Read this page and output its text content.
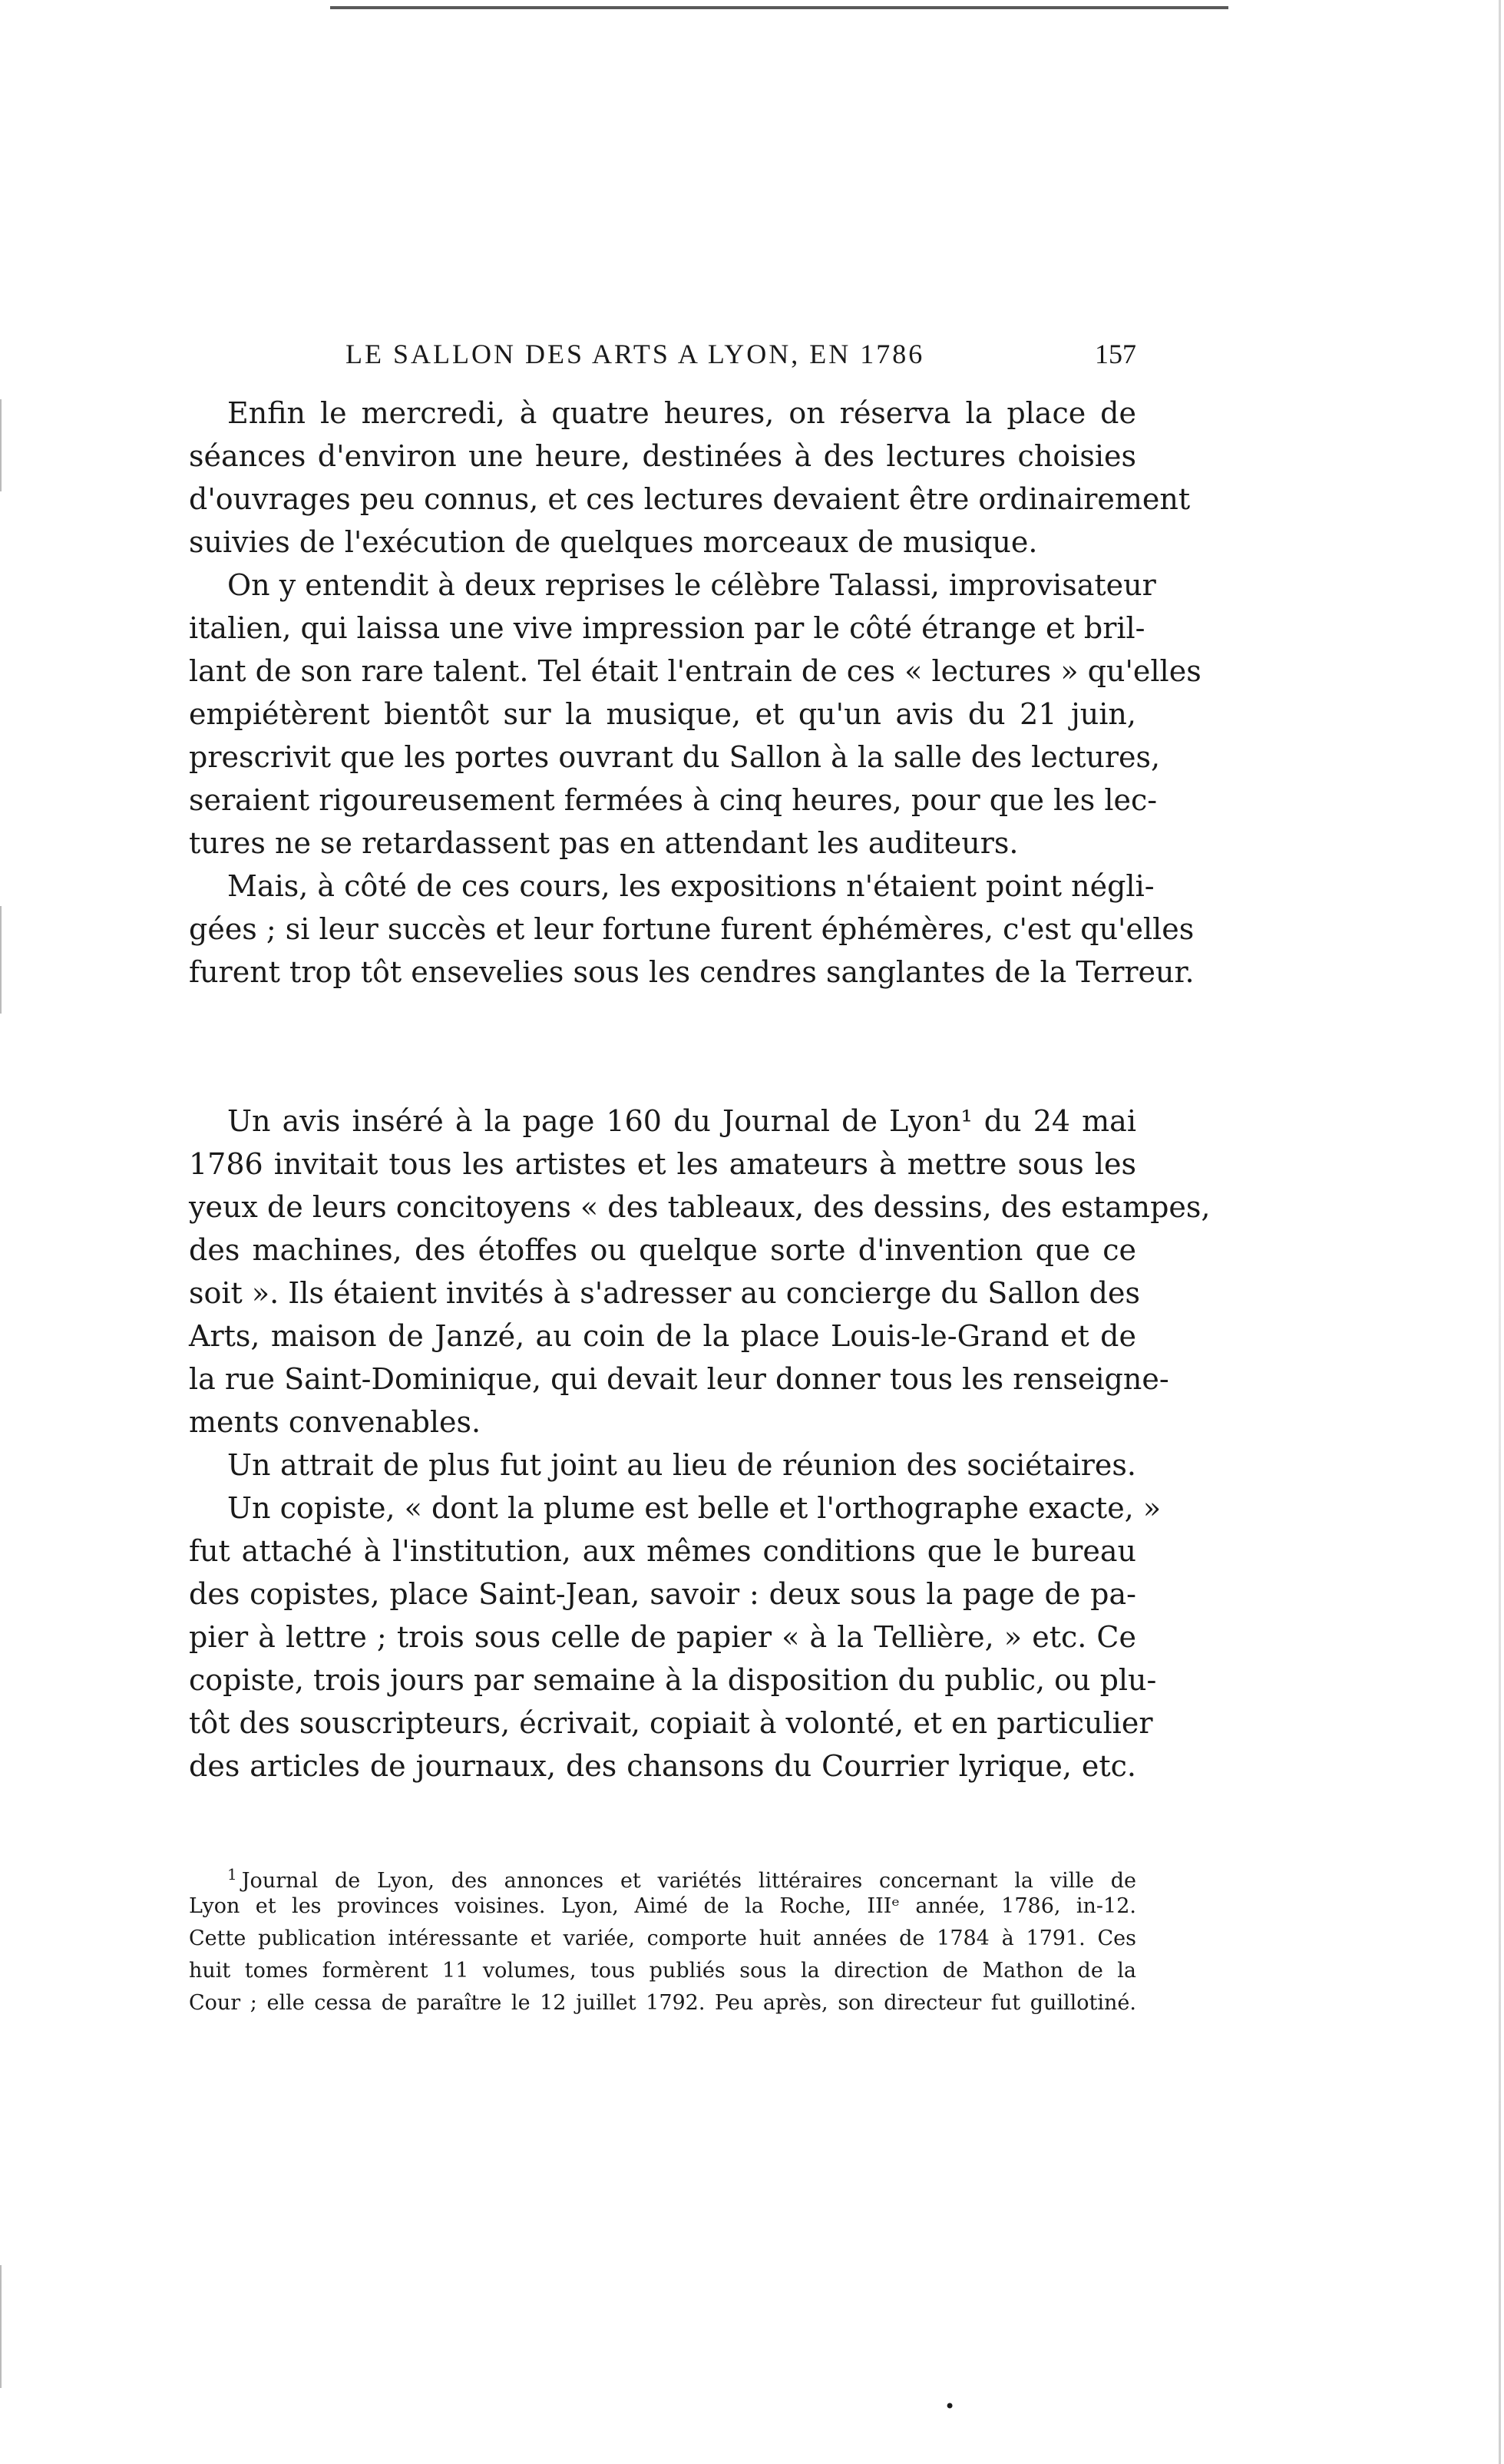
LE SALLON DES ARTS A LYON, EN 1786	157
Enfin le mercredi, à quatre heures, on réserva la place de
séances d'environ une heure, destinées à des lectures choisies
d'ouvrages peu connus, et ces lectures devaient être ordinairement
suivies de l'exécution de quelques morceaux de musique.
On y entendit à deux reprises le célèbre Talassi, improvisateur
italien, qui laissa une vive impression par le côté étrange et bril-
lant de son rare talent. Tel était l'entrain de ces « lectures » qu'elles
empiétèrent bientôt sur la musique, et qu'un avis du 21 juin,
prescrivit que les portes ouvrant du Sallon à la salle des lectures,
seraient rigoureusement fermées à cinq heures, pour que les lec-
tures ne se retardassent pas en attendant les auditeurs.
Mais, à côté de ces cours, les expositions n'étaient point négli-
gées ; si leur succès et leur fortune furent éphémères, c'est qu'elles
furent trop tôt ensevelies sous les cendres sanglantes de la Terreur.
Un avis inséré à la page 160 du Journal de Lyon¹ du 24 mai
1786 invitait tous les artistes et les amateurs à mettre sous les
yeux de leurs concitoyens « des tableaux, des dessins, des estampes,
des machines, des étoffes ou quelque sorte d'invention que ce
soit ». Ils étaient invités à s'adresser au concierge du Sallon des
Arts, maison de Janzé, au coin de la place Louis-le-Grand et de
la rue Saint-Dominique, qui devait leur donner tous les renseigne-
ments convenables.
Un attrait de plus fut joint au lieu de réunion des sociétaires.
Un copiste, « dont la plume est belle et l'orthographe exacte, »
fut attaché à l'institution, aux mêmes conditions que le bureau
des copistes, place Saint-Jean, savoir : deux sous la page de pa-
pier à lettre ; trois sous celle de papier « à la Tellière, » etc. Ce
copiste, trois jours par semaine à la disposition du public, ou plu-
tôt des souscripteurs, écrivait, copiait à volonté, et en particulier
des articles de journaux, des chansons du Courrier lyrique, etc.
$^1$ Journal de Lyon, des annonces et variétés littéraires concernant la ville de
Lyon et les provinces voisines. Lyon, Aimé de la Roche, IIIᵉ année, 1786, in-12.
Cette publication intéressante et variée, comporte huit années de 1784 à 1791. Ces
huit tomes formèrent 11 volumes, tous publiés sous la direction de Mathon de la
Cour ; elle cessa de paraître le 12 juillet 1792. Peu après, son directeur fut guillotiné.
•
